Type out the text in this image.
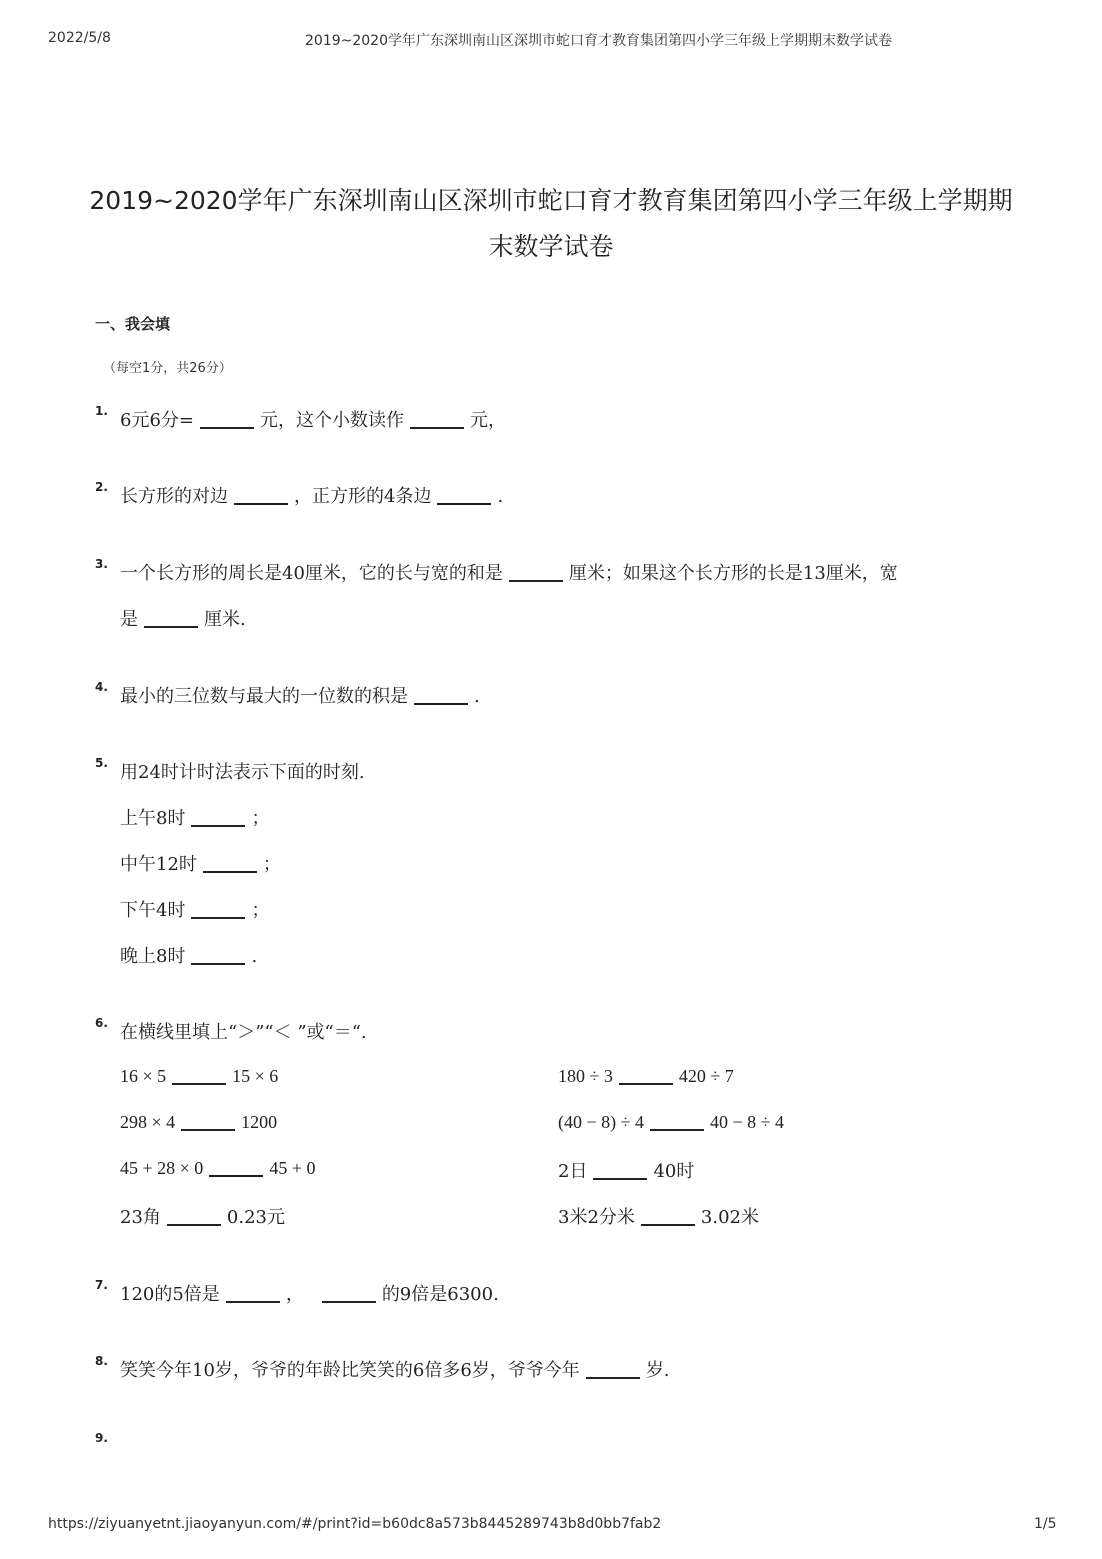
2022/5/8	2019~2020学年广东深圳南山区深圳市蛇口育才教育集团第四小学三年级上学期期末数学试卷
2019~2020学年广东深圳南山区深圳市蛇口育才教育集团第四小学三年级上学期期
末数学试卷
一、我会填
（每空1分，共26分）
1. 6元6分=	元，这个小数读作	元，
2. 长方形的对边	，正方形的4条边	.
3. 一个长方形的周长是40厘米，它的长与宽的和是	厘米；如果这个长方形的长是13厘米，宽
是	厘米.
4. 最小的三位数与最大的一位数的积是	.
5. 用24时计时法表示下面的时刻.
上午8时	；
中午12时	；
下午4时	；
晚上8时	.
6. 在横线里填上“＞”“＜ ”或“＝“.
16 × 5	15 × 6	180 ÷ 3	420 ÷ 7
298 × 4	1200	(40 − 8) ÷ 4	40 − 8 ÷ 4
45 + 28 × 0	45 + 0	2日	40时
23角	0.23元	3米2分米	3.02米
7. 120的5倍是	，	的9倍是6300.
8. 笑笑今年10岁，爷爷的年龄比笑笑的6倍多6岁，爷爷今年	岁.
9.
https://ziyuanyetnt.jiaoyanyun.com/#/print?id=b60dc8a573b8445289743b8d0bb7fab2	1/5
